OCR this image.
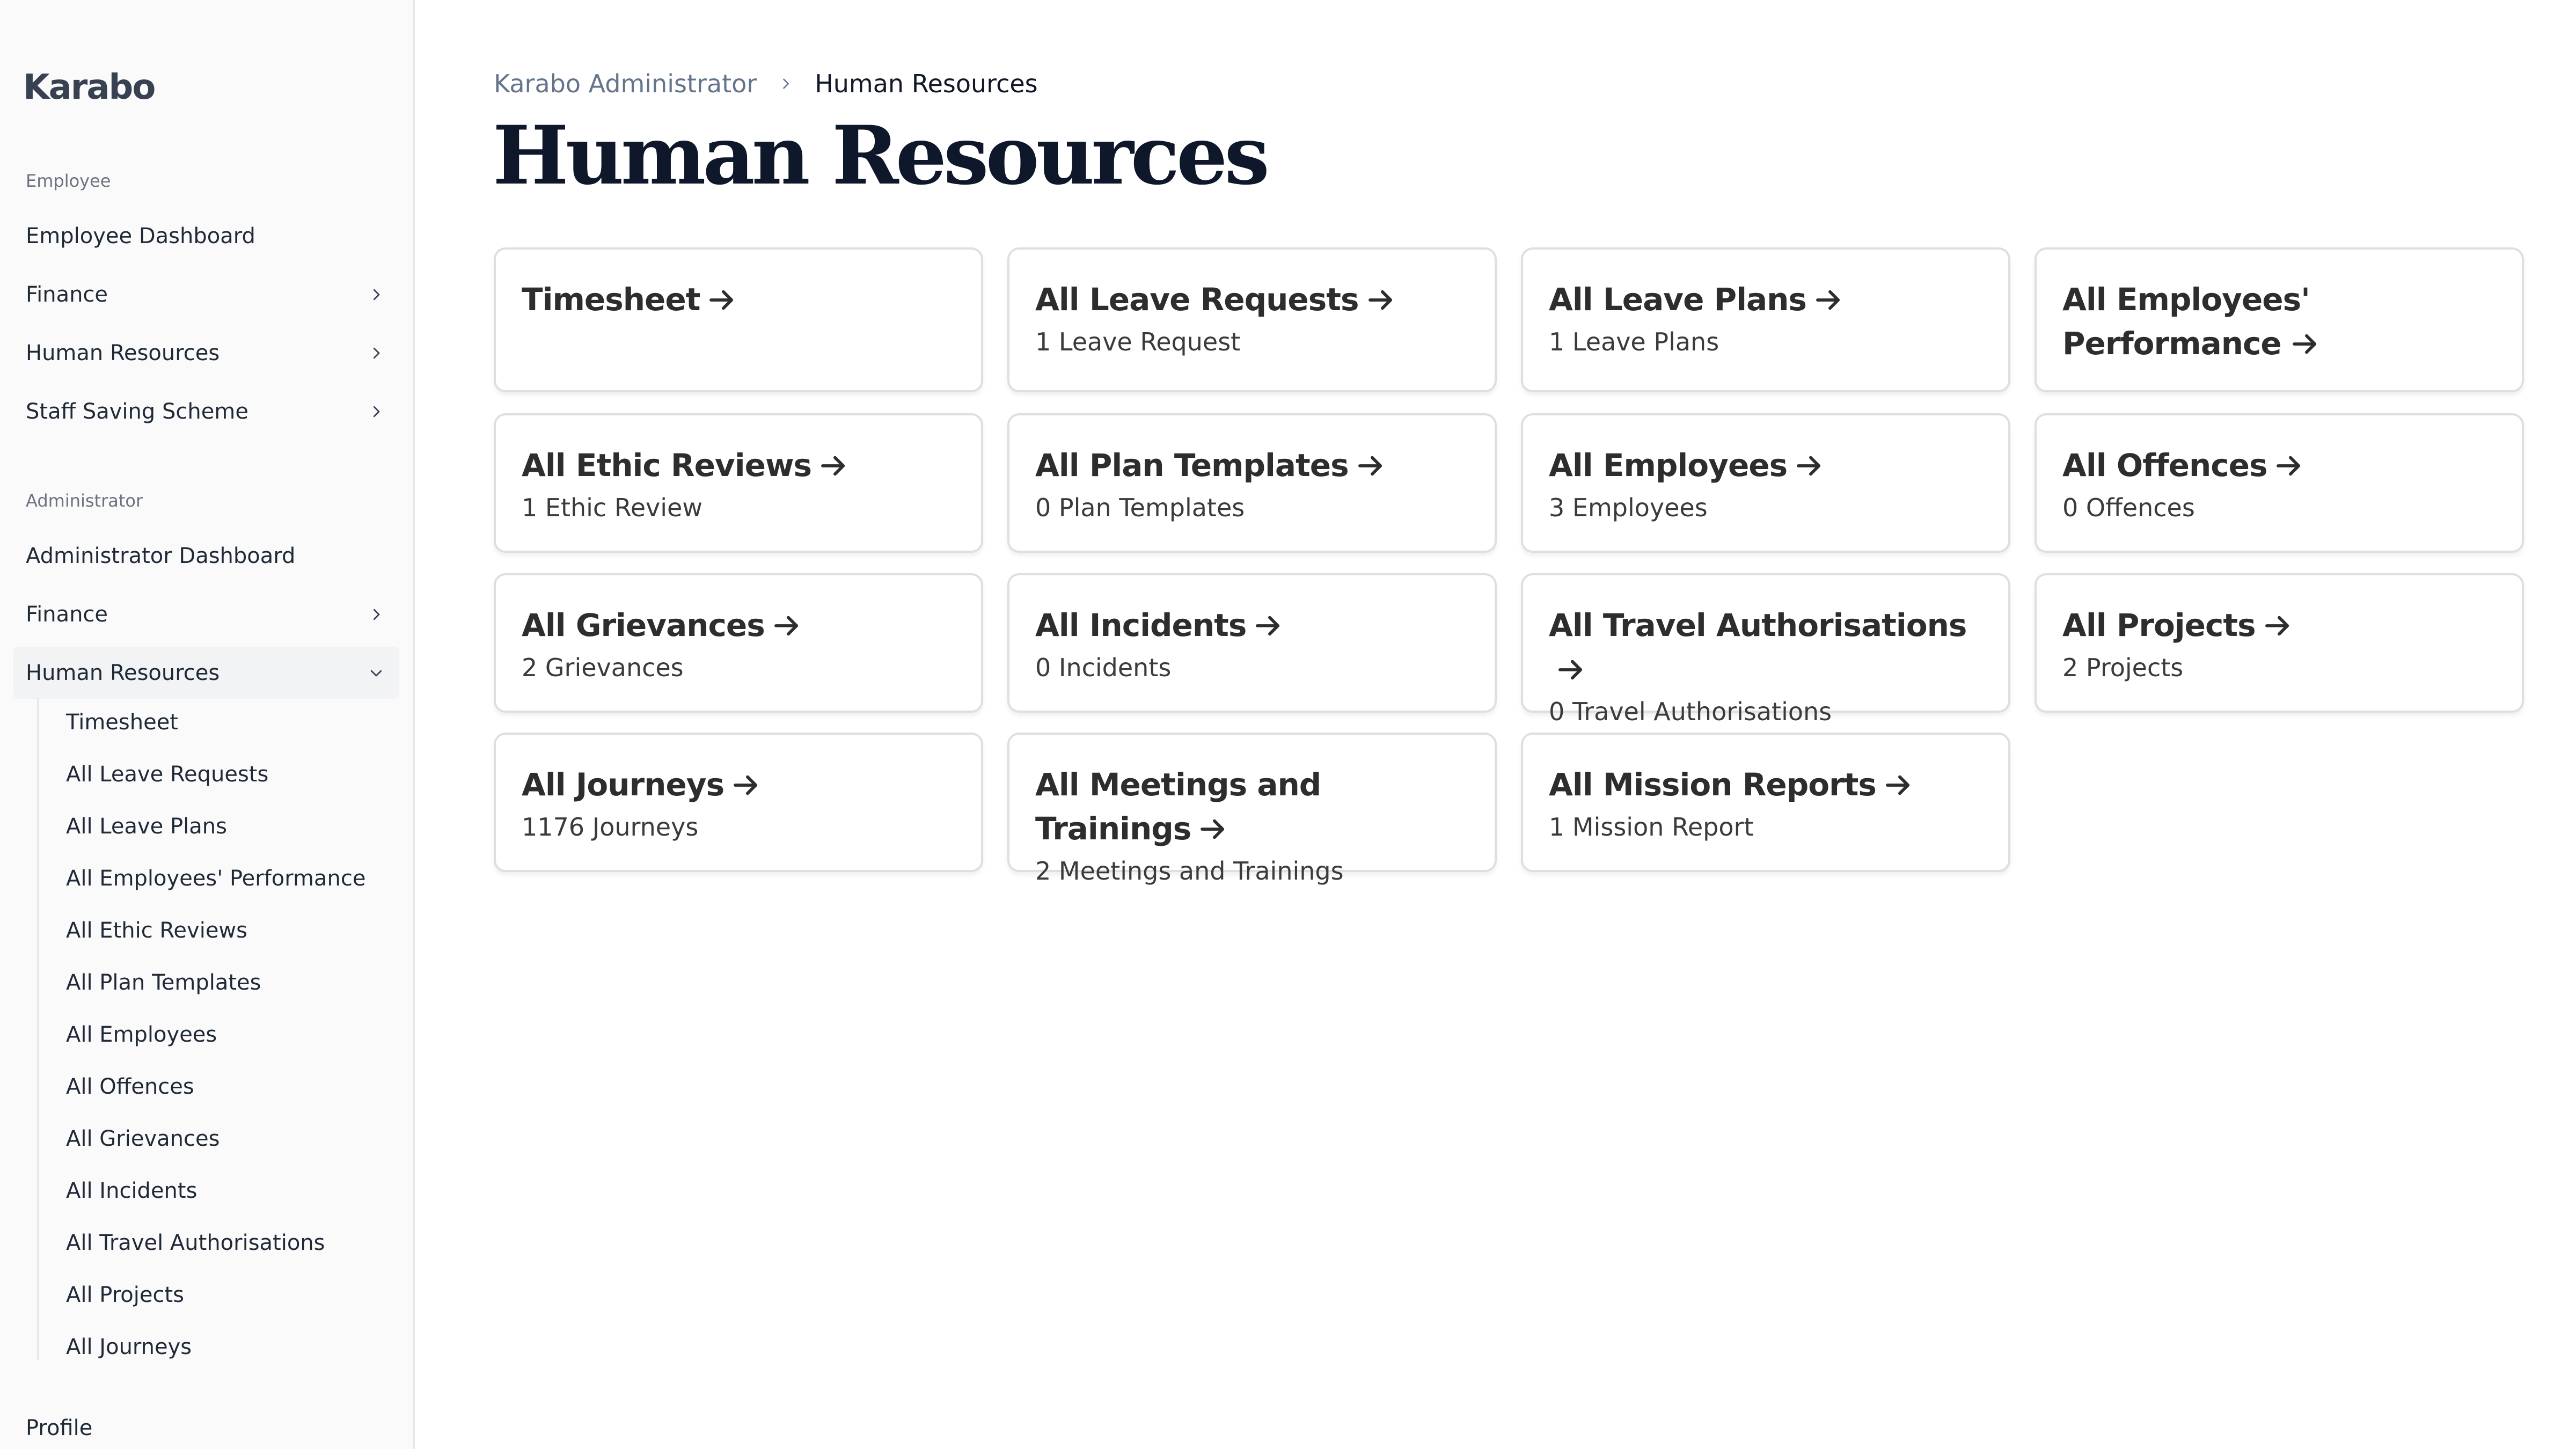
Karabo
Employee
Employee Dashboard
Finance
Human Resources
Staff Saving Scheme
Administrator
Administrator Dashboard
Finance
Human Resources
Timesheet
All Leave Requests
All Leave Plans
All Employees' Performance
All Ethic Reviews
All Plan Templates
All Employees
All Offences
All Grievances
All Incidents
All Travel Authorisations
All Projects
All Journeys
Profile
Karabo Administrator Human Resources
Human Resources
Timesheet	All Leave Requests
1 Leave Request
All Leave Plans
1 Leave Plans
All Employees' Performance
All Ethic Reviews
1 Ethic Review
All Plan Templates
0 Plan Templates
All Employees
3 Employees
All Offences
0 Offences
All Grievances
2 Grievances
All Incidents
0 Incidents
All Travel Authorisations
0 Travel Authorisations
All Projects
2 Projects
All Journeys
1176 Journeys
All Meetings and Trainings
2 Meetings and Trainings
All Mission Reports
1 Mission Report
